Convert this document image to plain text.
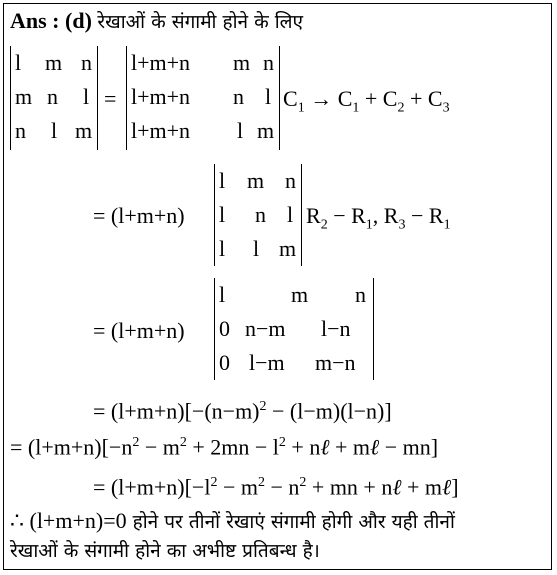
Ans : (d) रेखाओं के संगामी होने के लिए
l m n
m n l
n l m
=
l+m+n m n
l+m+n n l
l+m+n l m
$C_1 \to C_1 + C_2 + C_3$
= (l+m+n)
l m n
l n l
l l m
$R_2 - R_1$, $R_3 - R_1$
= (l+m+n)
l	m n
0 n−m l−n
0 l−m m−n
= $(l+m+n)[-(n-m)^2 - (l-m)(l-n)]$
= $(l+m+n)[-n^2 - m^2 + 2mn - l^2$ + nℓ + mℓ − mn]
= $(l+m+n)[-l^2 - m^2 - n^2$ + mn + nℓ + mℓ]
∴ (l+m+n)=0 होने पर तीनों रेखाएं संगामी होगी और यही तीनों
रेखाओं के संगामी होने का अभीष्ट प्रतिबन्ध है।
